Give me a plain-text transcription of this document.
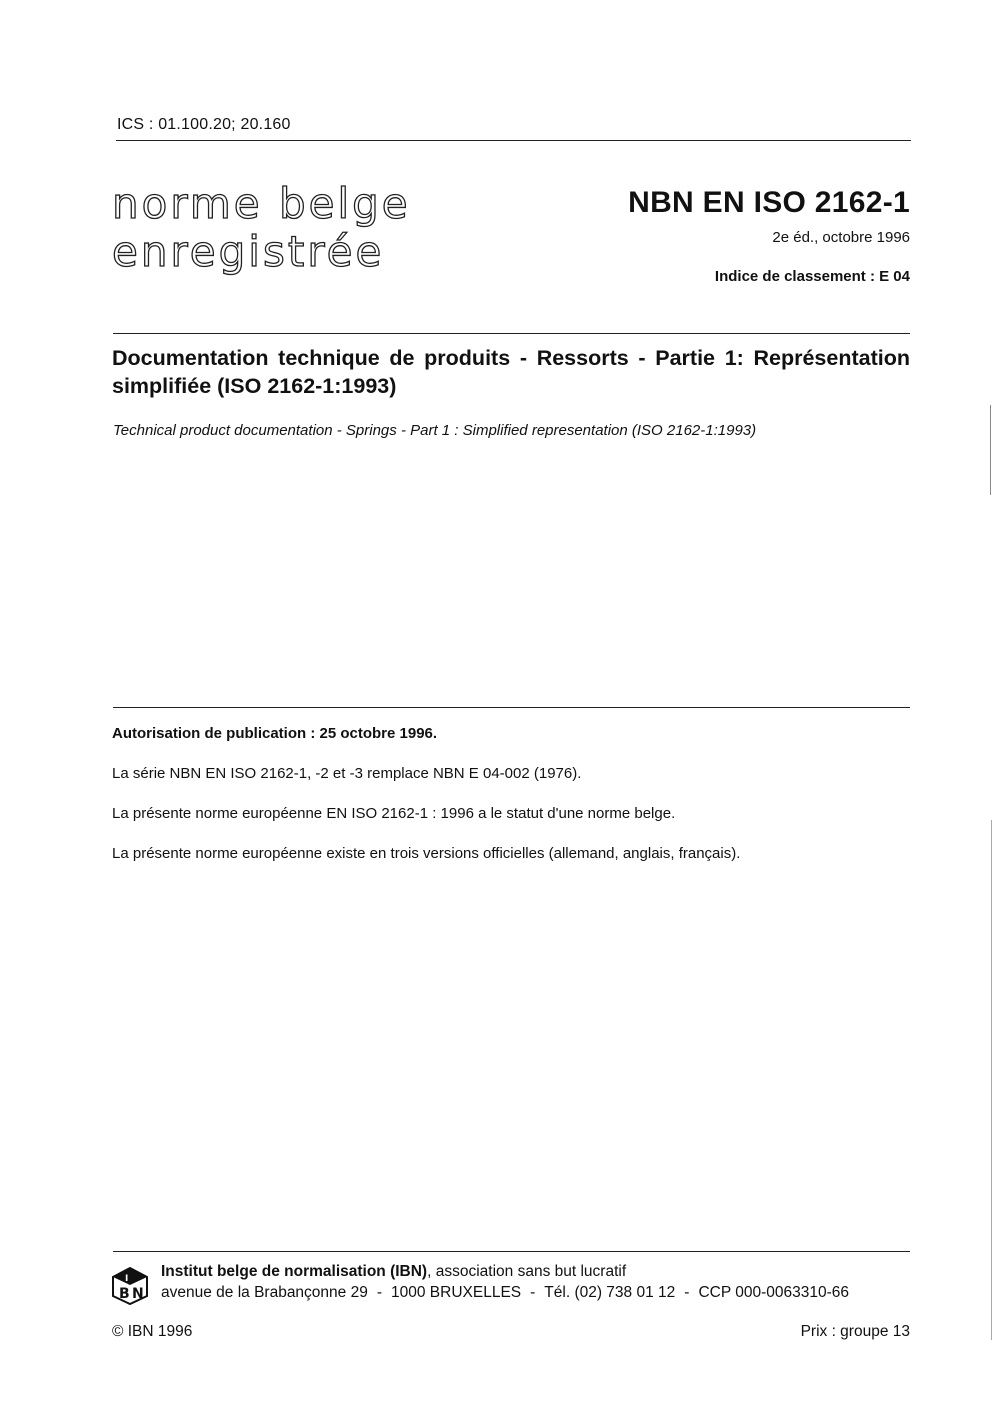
ICS : 01.100.20; 20.160
norme belge
enregistrée
NBN EN ISO 2162-1
2e éd., octobre 1996
Indice de classement : E 04
Documentation technique de produits - Ressorts - Partie 1: Représentation simplifiée (ISO 2162-1:1993)
Technical product documentation - Springs - Part 1 : Simplified representation (ISO 2162-1:1993)
Autorisation de publication : 25 octobre 1996.
La série NBN EN ISO 2162-1, -2 et -3 remplace NBN E 04-002 (1976).
La présente norme européenne EN ISO 2162-1 : 1996 a le statut d'une norme belge.
La présente norme européenne existe en trois versions officielles (allemand, anglais, français).
B N
I Institut belge de normalisation (IBN), association sans but lucratif
avenue de la Brabançonne 29 - 1000 BRUXELLES - Tél. (02) 738 01 12 - CCP 000-0063310-66
© IBN 1996	Prix : groupe 13
